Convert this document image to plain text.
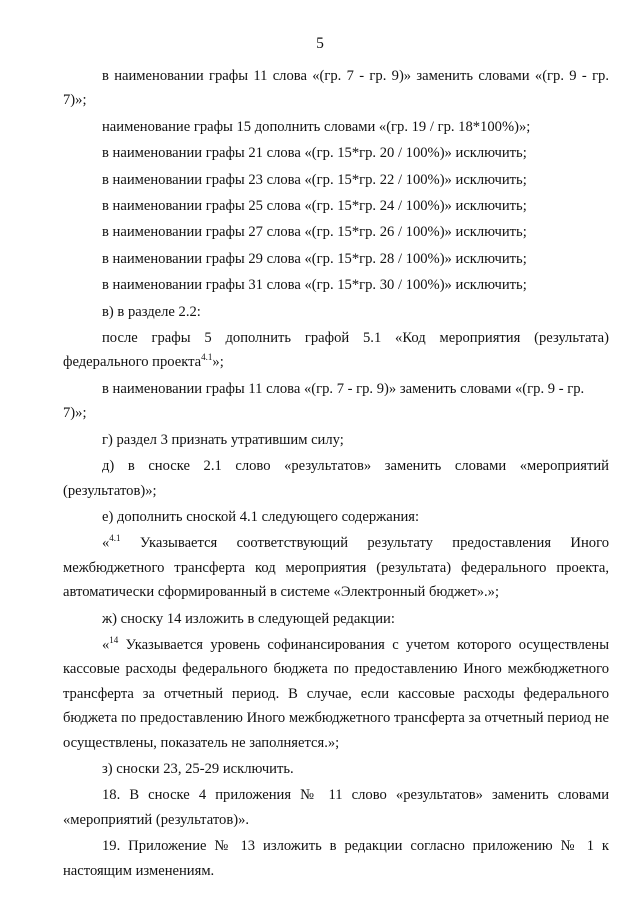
5

в наименовании графы 11 слова «(гр. 7 - гр. 9)» заменить словами «(гр. 9 - гр. 7)»;

наименование графы 15 дополнить словами «(гр. 19 / гр. 18*100%)»;

в наименовании графы 21 слова «(гр. 15*гр. 20 / 100%)» исключить;

в наименовании графы 23 слова «(гр. 15*гр. 22 / 100%)» исключить;

в наименовании графы 25 слова «(гр. 15*гр. 24 / 100%)» исключить;

в наименовании графы 27 слова «(гр. 15*гр. 26 / 100%)» исключить;

в наименовании графы 29 слова «(гр. 15*гр. 28 / 100%)» исключить;

в наименовании графы 31 слова «(гр. 15*гр. 30 / 100%)» исключить;

в) в разделе 2.2:

после графы 5 дополнить графой 5.1 «Код мероприятия (результата) федерального проекта$^{4.1}$»;

в наименовании графы 11 слова «(гр. 7 - гр. 9)» заменить словами «(гр. 9 - гр. 7)»;

г) раздел 3 признать утратившим силу;

д) в сноске 2.1 слово «результатов» заменить словами «мероприятий (результатов)»;

е) дополнить сноской 4.1 следующего содержания:

«$^{4.1}$ Указывается соответствующий результату предоставления Иного межбюджетного трансферта код мероприятия (результата) федерального проекта, автоматически сформированный в системе «Электронный бюджет».»;

ж) сноску 14 изложить в следующей редакции:

«$^{14}$ Указывается уровень софинансирования с учетом которого осуществлены кассовые расходы федерального бюджета по предоставлению Иного межбюджетного трансферта за отчетный период. В случае, если кассовые расходы федерального бюджета по предоставлению Иного межбюджетного трансферта за отчетный период не осуществлены, показатель не заполняется.»;

з) сноски 23, 25-29 исключить.

18. В сноске 4 приложения № 11 слово «результатов» заменить словами «мероприятий (результатов)».

19. Приложение № 13 изложить в редакции согласно приложению № 1 к настоящим изменениям.
